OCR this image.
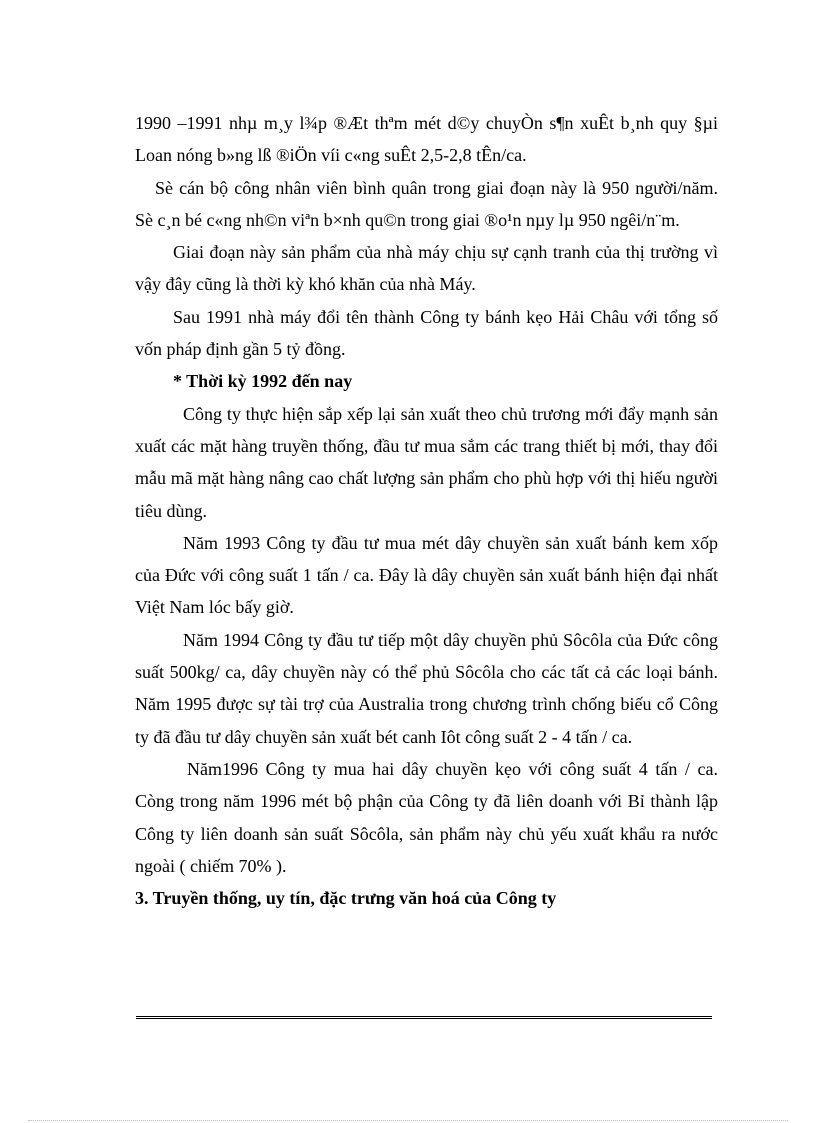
1990 –1991 nhµ m¸y l¾p ®Æt thªm mét d©y chuyÒn s¶n xuÊt b¸nh quy §µi Loan nóng b»ng lß ®iÖn víi c«ng suÊt 2,5-2,8 tÊn/ca.

Sè cán bộ công nhân viên bình quân trong giai đoạn này là 950 người/năm. Sè c¸n bé c«ng nh©n viªn b×nh qu©n trong giai ®o¹n nµy lµ 950 ngêi/n¨m.

Giai đoạn này sản phẩm của nhà máy chịu sự cạnh tranh của thị trường vì vậy đây cũng là thời kỳ khó khăn của nhà Máy.

Sau 1991 nhà máy đổi tên thành Công ty bánh kẹo Hải Châu với tổng số vốn pháp định gần 5 tỷ đồng.

* Thời kỳ 1992 đến nay

Công ty thực hiện sắp xếp lại sản xuất theo chủ trương mới đẩy mạnh sản xuất các mặt hàng truyền thống, đầu tư mua sắm các trang thiết bị mới, thay đổi mẫu mã mặt hàng nâng cao chất lượng sản phẩm cho phù hợp với thị hiếu người tiêu dùng.

Năm 1993 Công ty đầu tư mua mét dây chuyền sản xuất bánh kem xốp của Đức với công suất 1 tấn / ca. Đây là dây chuyền sản xuất bánh hiện đại nhất Việt Nam lóc bấy giờ.

Năm 1994 Công ty đầu tư tiếp một dây chuyền phủ Sôcôla của Đức công suất 500kg/ ca, dây chuyền này có thể phủ Sôcôla cho các tất cả các loại bánh. Năm 1995 được sự tài trợ của Australia trong chương trình chống biếu cổ Công ty đã đầu tư dây chuyền sản xuất bét canh Iôt công suất 2 - 4 tấn / ca.

Năm1996 Công ty mua hai dây chuyền kẹo với công suất 4 tấn / ca. Còng trong năm 1996 mét bộ phận của Công ty đã liên doanh với Bỉ thành lập Công ty liên doanh sản suất Sôcôla, sản phẩm này chủ yếu xuất khẩu ra nước ngoài ( chiếm 70% ).

3. Truyền thống, uy tín, đặc trưng văn hoá của Công ty
